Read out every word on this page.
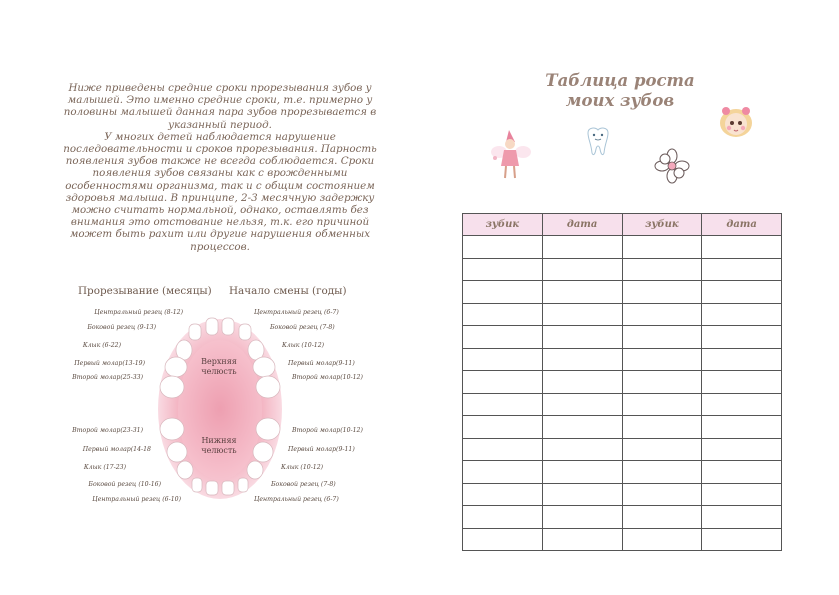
Ниже приведены средние сроки прорезывания зубов у малышей. Это именно средние сроки, т.е. примерно у половины малышей данная пара зубов прорезывается в указанный период.
У многих детей наблюдается нарушение последовательности и сроков прорезывания. Парность появления зубов также не всегда соблюдается. Сроки появления зубов связаны как с врожденными особенностями организма, так и с общим состоянием здоровья малыша. В принципе, 2-3 месячную задержку можно считать нормальной, однако, оставлять без внимания это отстование нельзя, т.к. его причиной может быть рахит или другие нарушения обменных процессов.
Прорезывание (месяцы) Начало смены (годы)
Верхняя челюсть
Нижняя челюсть
Центральный резец (8-12)
Боковой резец (9-13)
Клык (6-22)
Первый молар(13-19)
Второй молар(25-33)
Центральный резец (6-7)
Боковой резец (7-8)
Клык (10-12)
Первый молар(9-11)
Второй молар(10-12)
Второй молар(23-31)
Первый молар(14-18
Клык (17-23)
Боковой резец (10-16)
Центральный резец (6-10)
Второй молар(10-12)
Первый молар(9-11)
Клык (10-12)
Боковой резец (7-8)
Центральный резец (6-7)
Таблица роста
моих зубов
зубик	дата	зубик	дата
